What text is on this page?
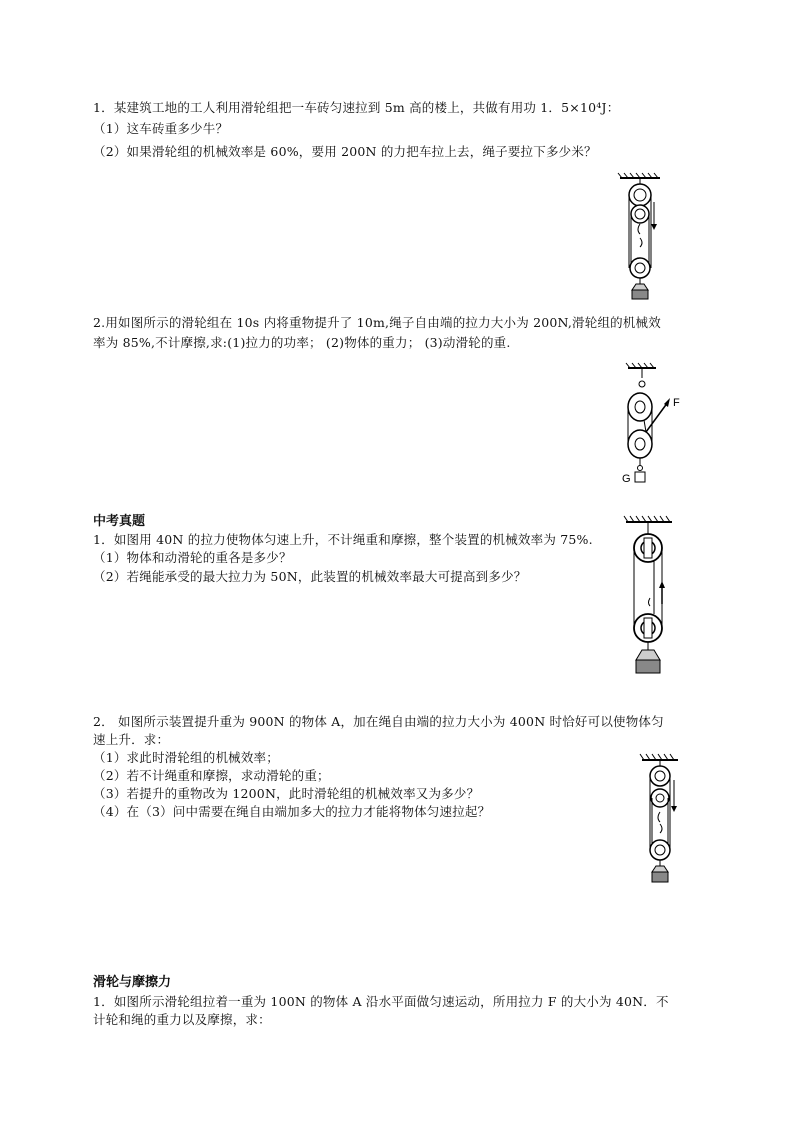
1．某建筑工地的工人利用滑轮组把一车砖匀速拉到 5m 高的楼上，共做有用功 1．5×10⁴J：
（1）这车砖重多少牛？
（2）如果滑轮组的机械效率是 60%，要用 200N 的力把车拉上去，绳子要拉下多少米？
2.用如图所示的滑轮组在 10s 内将重物提升了 10m,绳子自由端的拉力大小为 200N,滑轮组的机械效
率为 85%,不计摩擦,求:(1)拉力的功率； (2)物体的重力； (3)动滑轮的重.
F
G
中考真题
1．如图用 40N 的拉力使物体匀速上升，不计绳重和摩擦，整个装置的机械效率为 75%.
（1）物体和动滑轮的重各是多少？
（2）若绳能承受的最大拉力为 50N，此装置的机械效率最大可提高到多少？
2． 如图所示装置提升重为 900N 的物体 A，加在绳自由端的拉力大小为 400N 时恰好可以使物体匀
速上升．求：
（1）求此时滑轮组的机械效率；
（2）若不计绳重和摩擦，求动滑轮的重；
（3）若提升的重物改为 1200N，此时滑轮组的机械效率又为多少？
（4）在（3）问中需要在绳自由端加多大的拉力才能将物体匀速拉起？
滑轮与摩擦力
1．如图所示滑轮组拉着一重为 100N 的物体 A 沿水平面做匀速运动，所用拉力 F 的大小为 40N．不
计轮和绳的重力以及摩擦，求：
